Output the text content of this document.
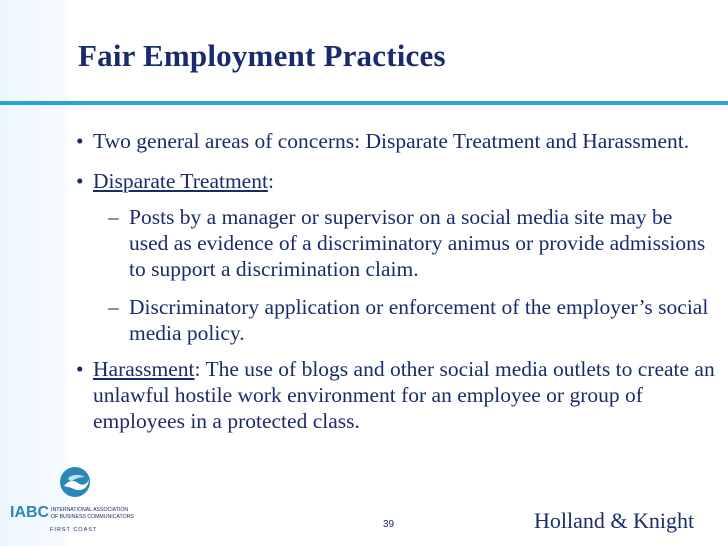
Fair Employment Practices
• Two general areas of concerns: Disparate Treatment and Harassment.
• Disparate Treatment:
– Posts by a manager or supervisor on a social media site may be used as evidence of a discriminatory animus or provide admissions to support a discrimination claim.
– Discriminatory application or enforcement of the employer’s social media policy.
• Harassment: The use of blogs and other social media outlets to create an unlawful hostile work environment for an employee or group of employees in a protected class.
IABC INTERNATIONAL ASSOCIATION
OF BUSINESS COMMUNICATORS
FIRST COAST	39	Holland & Knight
